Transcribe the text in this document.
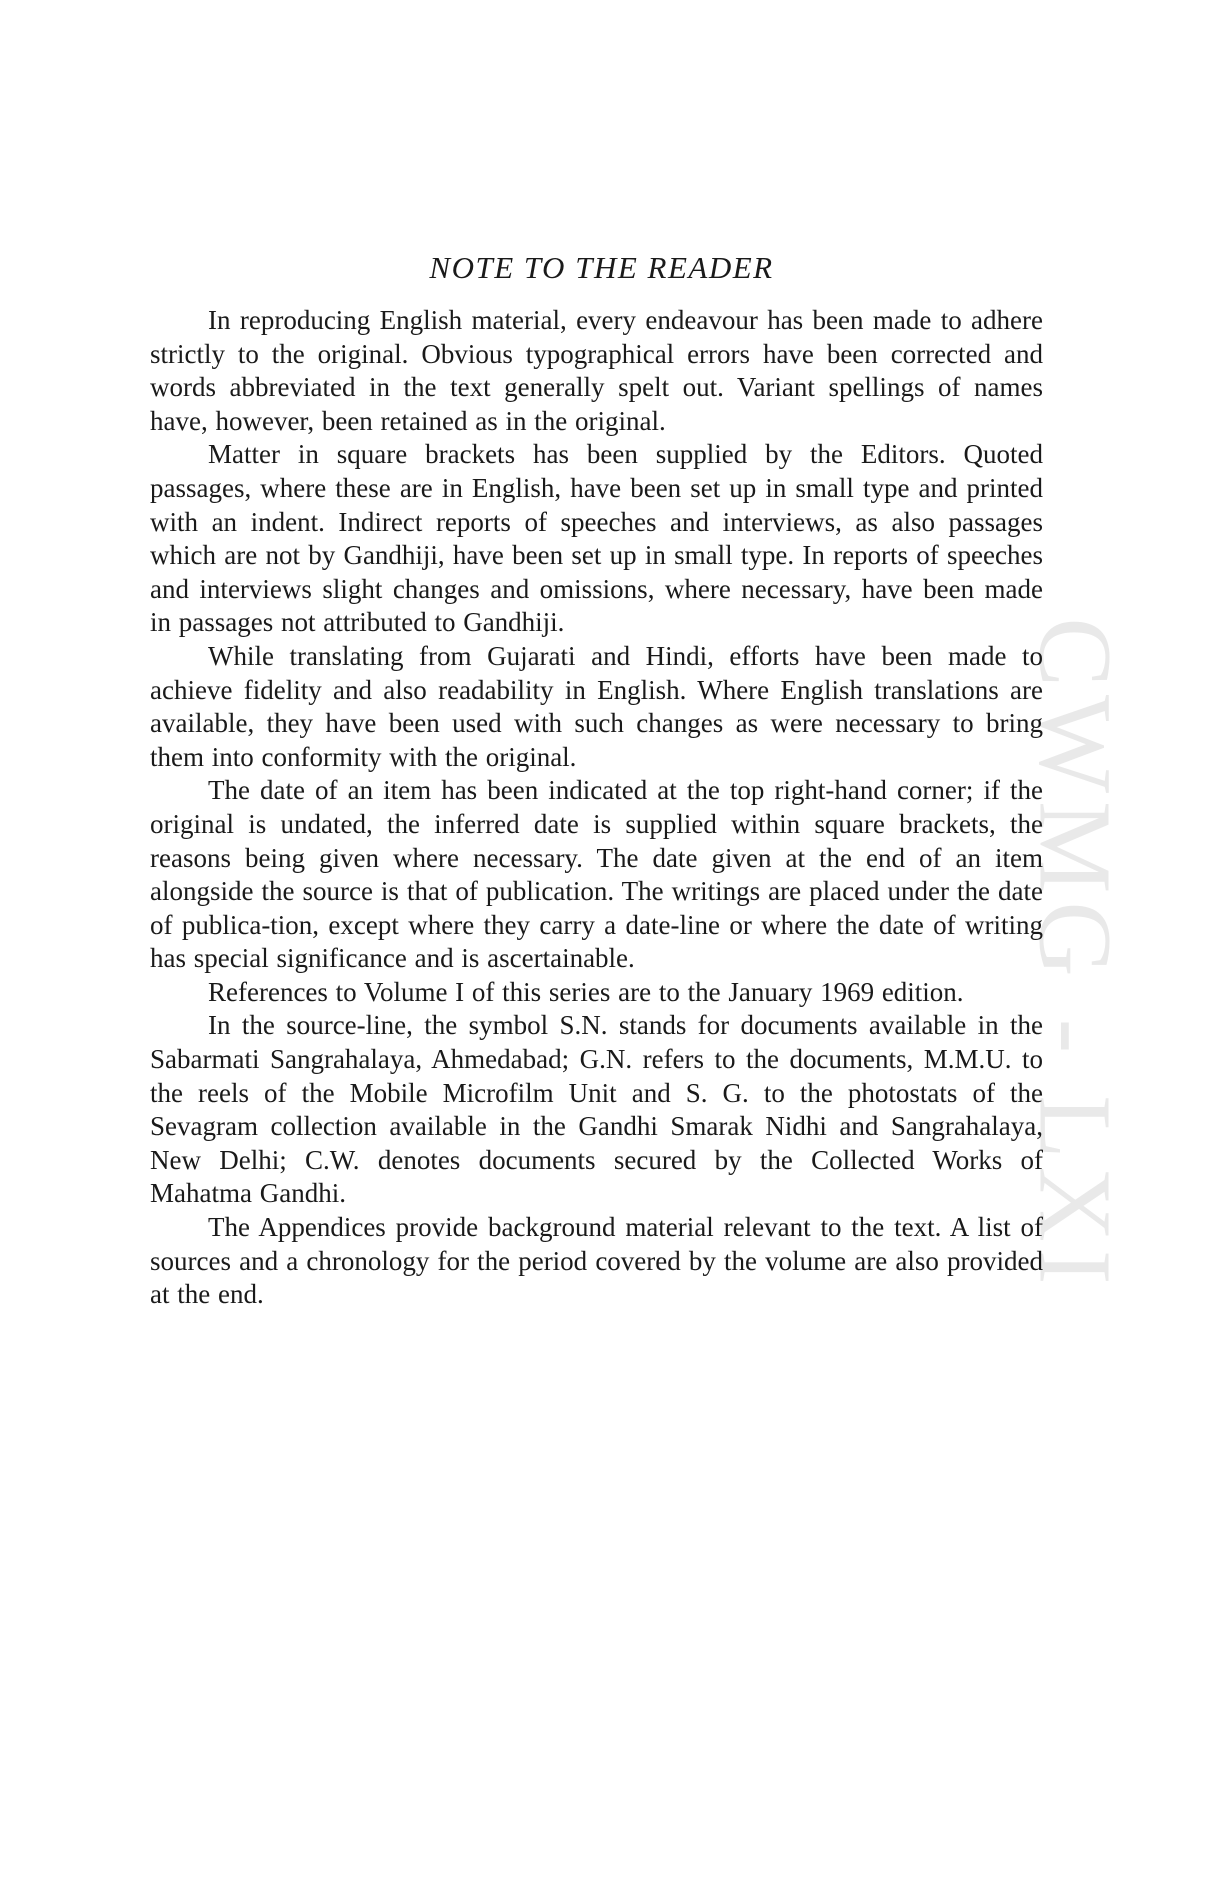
CWMG - LXI
NOTE TO THE READER

In reproducing English material, every endeavour has been made to adhere strictly to the original. Obvious typographical errors have been corrected and words abbreviated in the text generally spelt out. Variant spellings of names have, however, been retained as in the original.

Matter in square brackets has been supplied by the Editors. Quoted passages, where these are in English, have been set up in small type and printed with an indent. Indirect reports of speeches and interviews, as also passages which are not by Gandhiji, have been set up in small type. In reports of speeches and interviews slight changes and omissions, where necessary, have been made in passages not attributed to Gandhiji.

While translating from Gujarati and Hindi, efforts have been made to achieve fidelity and also readability in English. Where English translations are available, they have been used with such changes as were necessary to bring them into conformity with the original.

The date of an item has been indicated at the top right-hand corner; if the original is undated, the inferred date is supplied within square brackets, the reasons being given where necessary. The date given at the end of an item alongside the source is that of publication. The writings are placed under the date of publica-tion, except where they carry a date-line or where the date of writing has special significance and is ascertainable.

References to Volume I of this series are to the January 1969 edition.

In the source-line, the symbol S.N. stands for documents available in the Sabarmati Sangrahalaya, Ahmedabad; G.N. refers to the documents, M.M.U. to the reels of the Mobile Microfilm Unit and S. G. to the photostats of the Sevagram collection available in the Gandhi Smarak Nidhi and Sangrahalaya, New Delhi; C.W. denotes documents secured by the Collected Works of Mahatma Gandhi.

The Appendices provide background material relevant to the text. A list of sources and a chronology for the period covered by the volume are also provided at the end.
